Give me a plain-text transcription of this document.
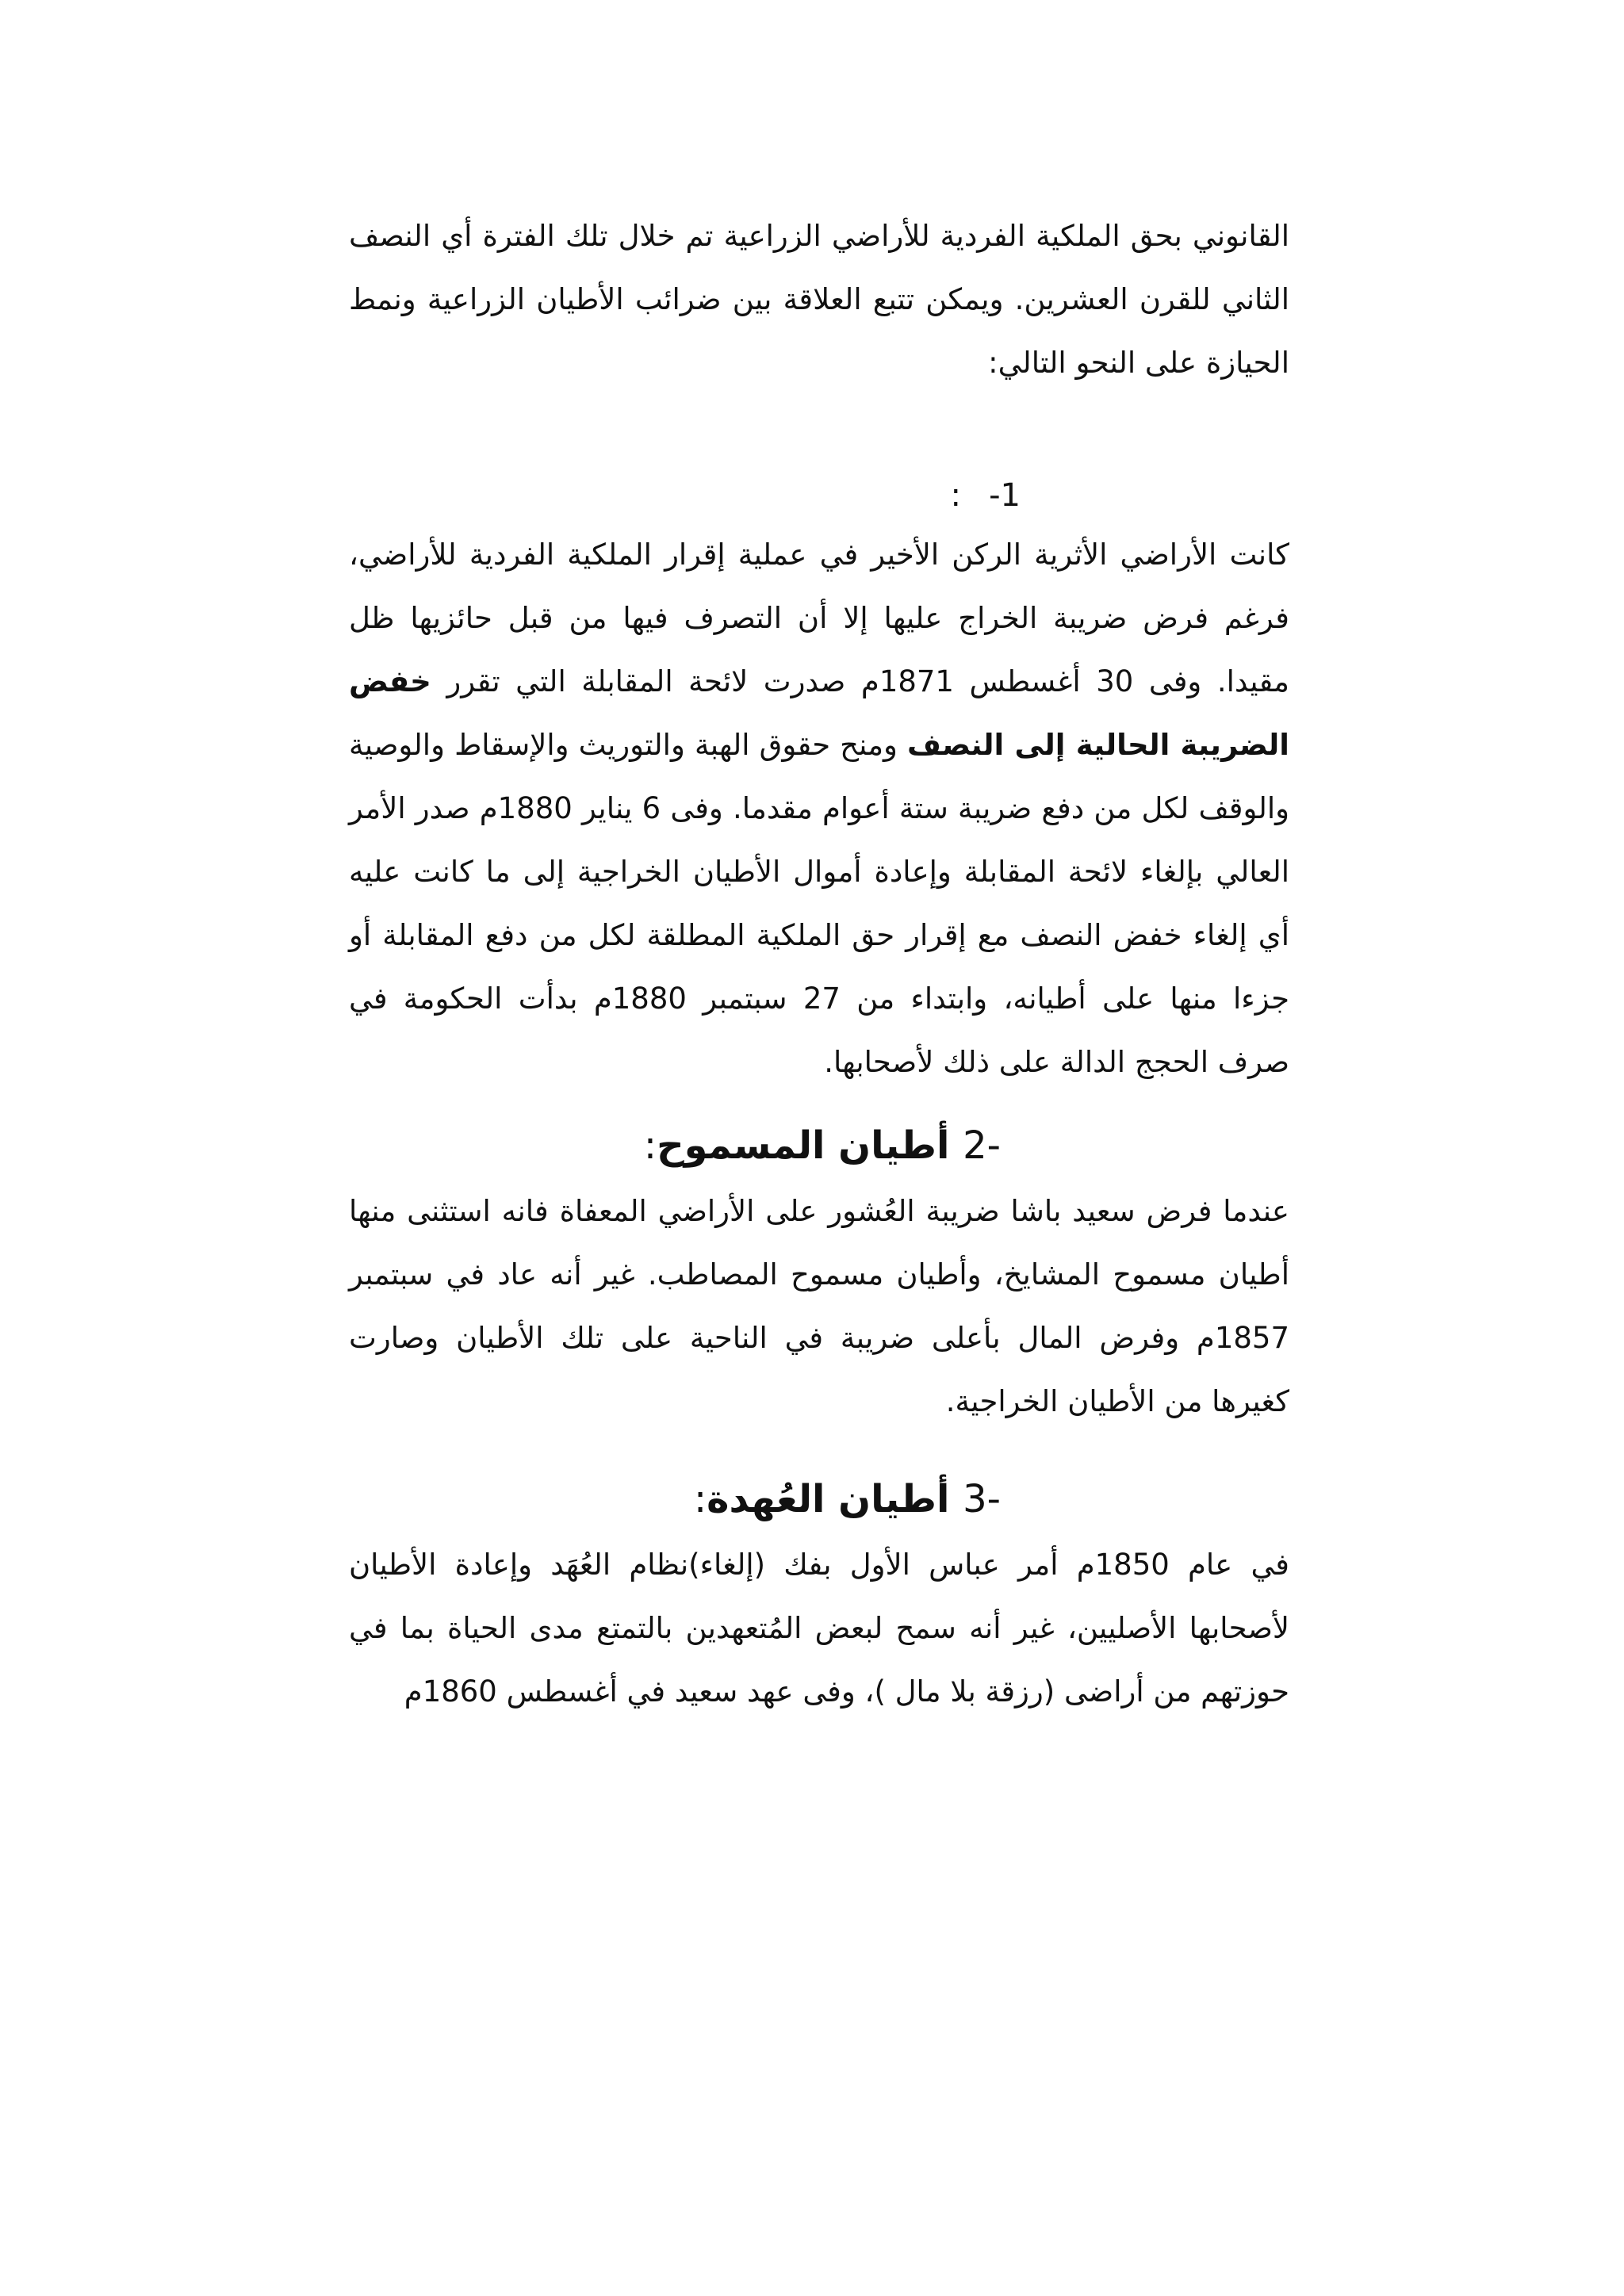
القانوني بحق الملكية الفردية للأراضي الزراعية تم خلال تلك الفترة أي النصف الثاني للقرن العشرين. ويمكن تتبع العلاقة بين ضرائب الأطيان الزراعية ونمط الحيازة على النحو التالي:

-1
:

كانت الأراضي الأثرية الركن الأخير في عملية إقرار الملكية الفردية للأراضي، فرغم فرض ضريبة الخراج عليها إلا أن التصرف فيها من قبل حائزيها ظل مقيدا. وفى 30 أغسطس 1871م صدرت لائحة المقابلة التي تقرر خفض الضريبة الحالية إلى النصف ومنح حقوق الهبة والتوريث والإسقاط والوصية والوقف لكل من دفع ضريبة ستة أعوام مقدما. وفى 6 يناير 1880م صدر الأمر العالي بإلغاء لائحة المقابلة وإعادة أموال الأطيان الخراجية إلى ما كانت عليه أي إلغاء خفض النصف مع إقرار حق الملكية المطلقة لكل من دفع المقابلة أو جزءا منها على أطيانه، وابتداء من 27 سبتمبر 1880م بدأت الحكومة في صرف الحجج الدالة على ذلك لأصحابها.

-2 أطيان المسموح:

عندما فرض سعيد باشا ضريبة العُشور على الأراضي المعفاة فانه استثنى منها أطيان مسموح المشايخ، وأطيان مسموح المصاطب. غير أنه عاد في سبتمبر 1857م وفرض المال بأعلى ضريبة في الناحية على تلك الأطيان وصارت كغيرها من الأطيان الخراجية.

-3 أطيان العُهدة:

في عام 1850م أمر عباس الأول بفك (إلغاء)نظام العُهَد وإعادة الأطيان لأصحابها الأصليين، غير أنه سمح لبعض المُتعهدين بالتمتع مدى الحياة بما في حوزتهم من أراضى (رزقة بلا مال )، وفى عهد سعيد في أغسطس 1860م
